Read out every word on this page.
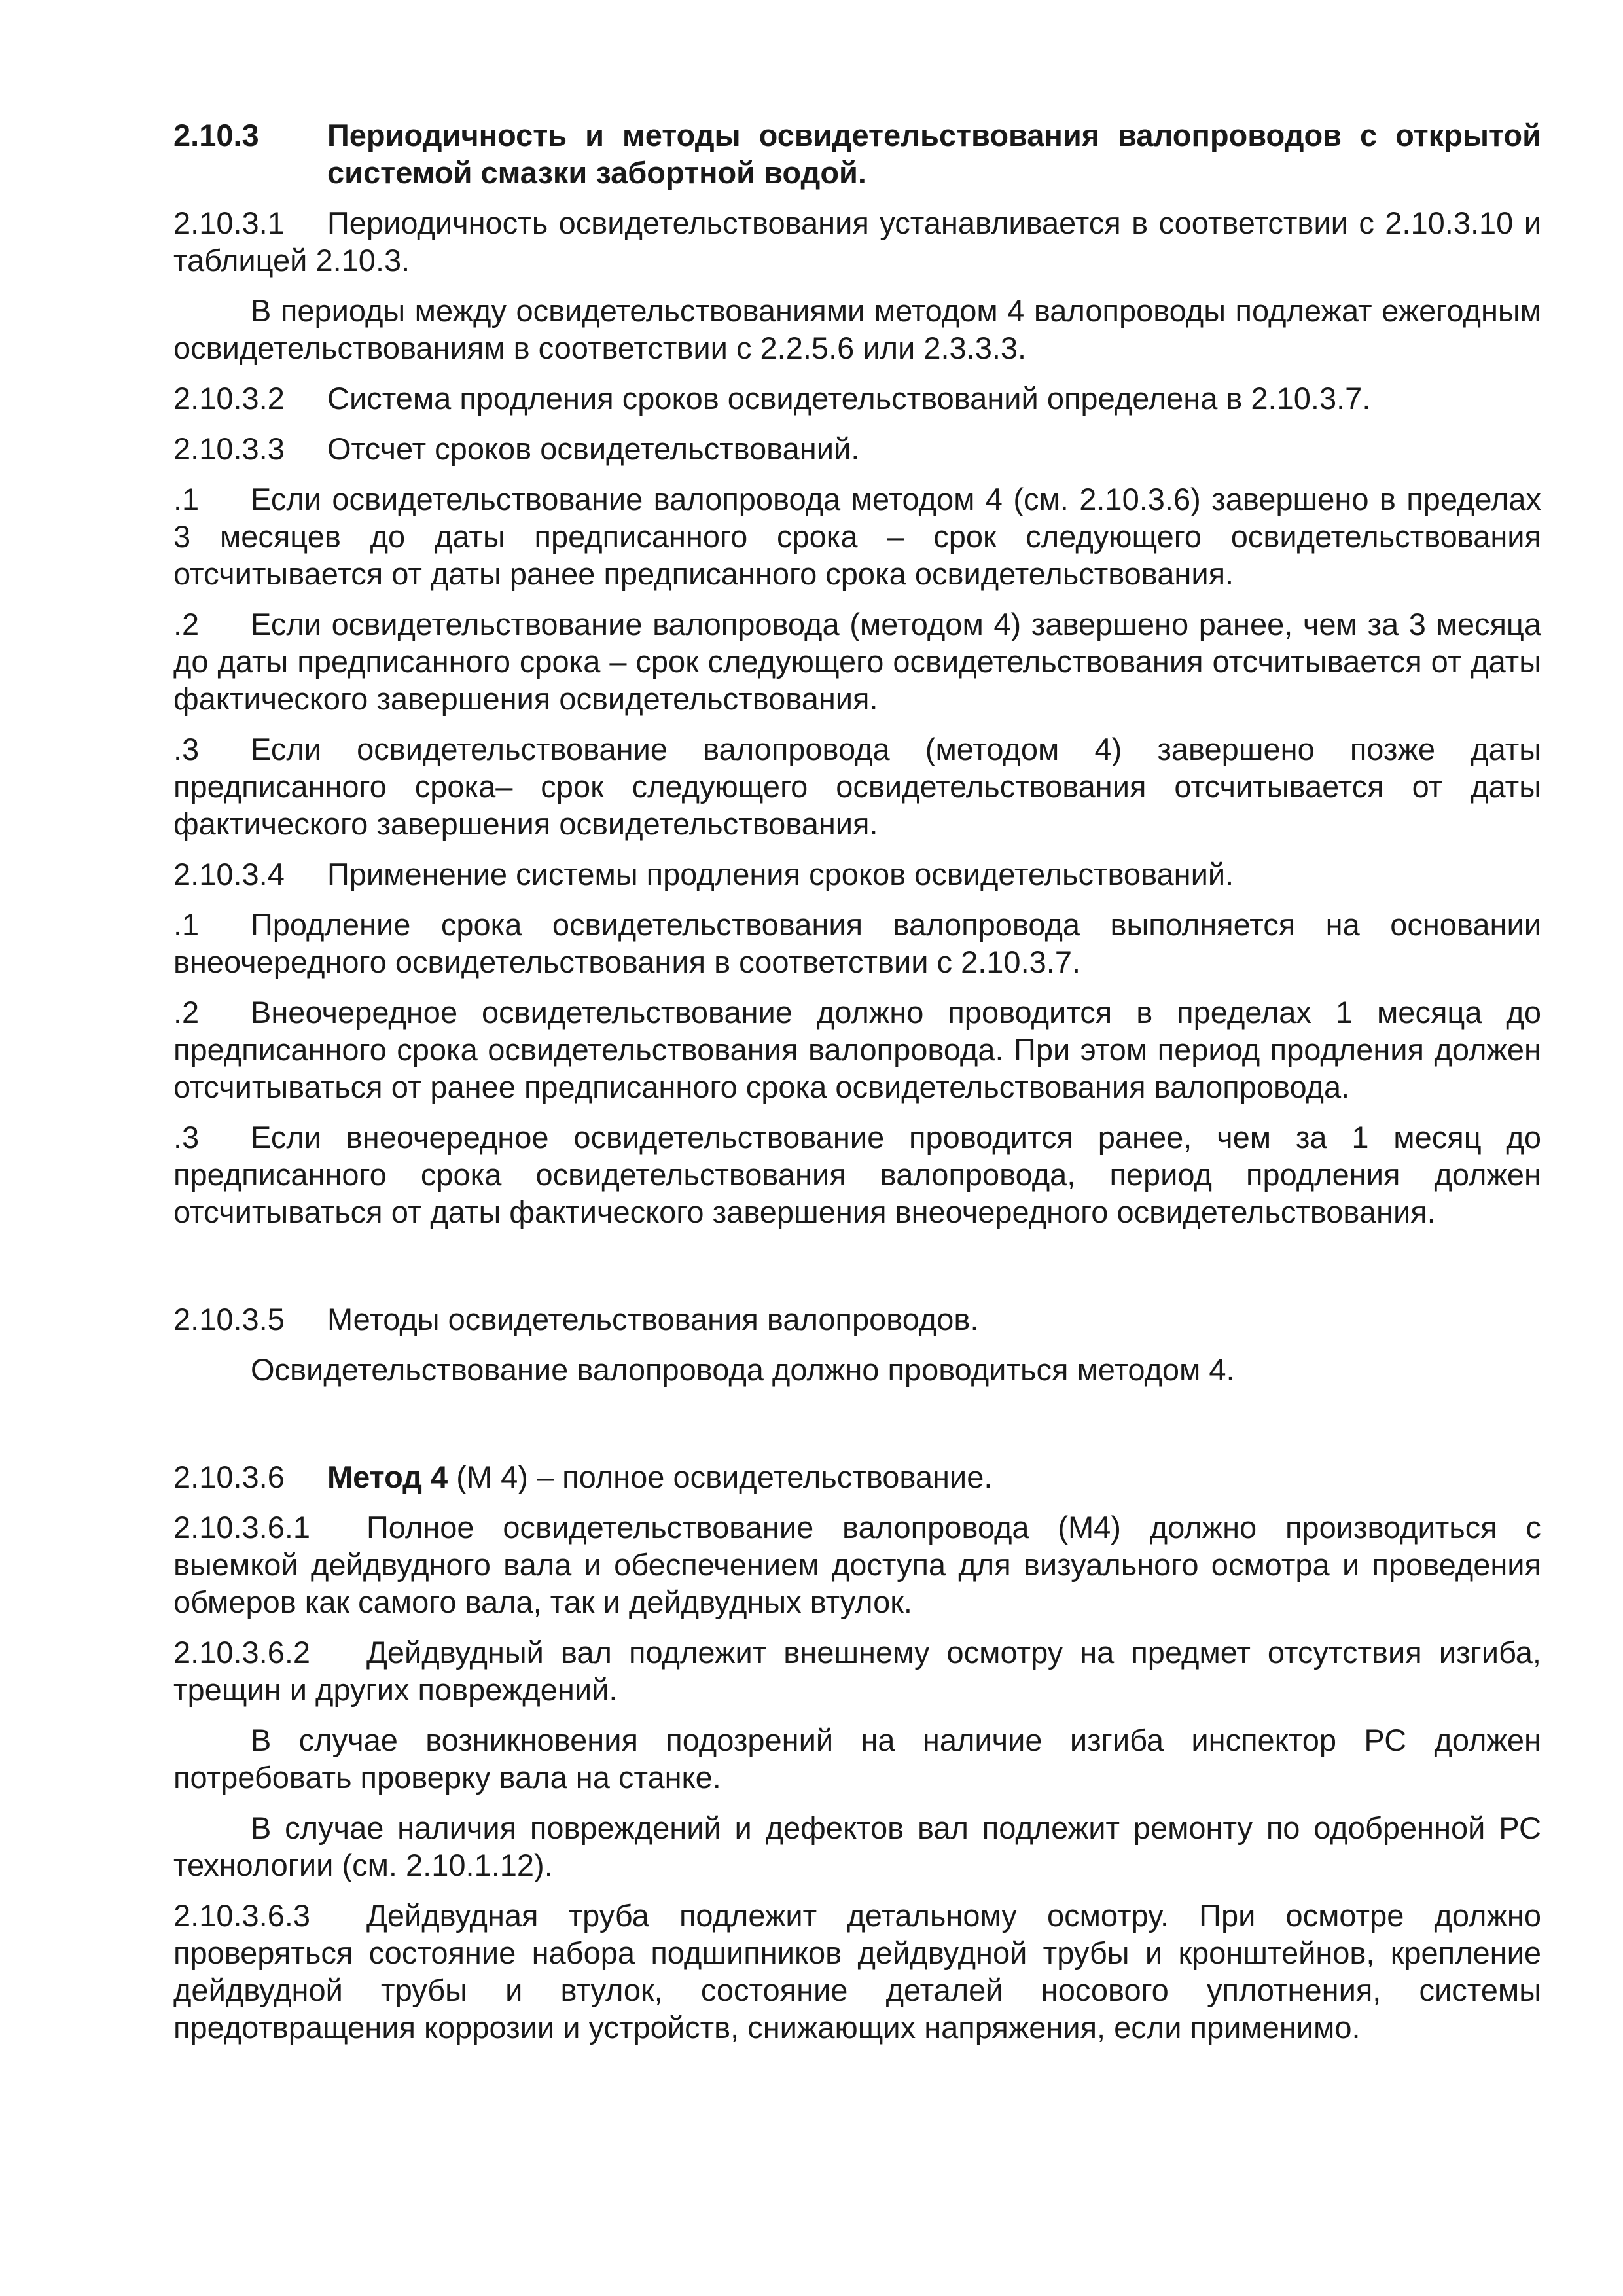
2.10.3	Периодичность и методы освидетельствования валопроводов с открытой системой смазки забортной водой.

2.10.3.1 Периодичность освидетельствования устанавливается в соответствии с 2.10.3.10 и таблицей 2.10.3.

В периоды между освидетельствованиями методом 4 валопроводы подлежат ежегодным освидетельствованиям в соответствии с 2.2.5.6 или 2.3.3.3.

2.10.3.2	Система продления сроков освидетельствований определена в 2.10.3.7.
2.10.3.3	Отсчет сроков освидетельствований.

.1 Если освидетельствование валопровода методом 4 (см. 2.10.3.6) завершено в пределах 3 месяцев до даты предписанного срока – срок следующего освидетельствования отсчитывается от даты ранее предписанного срока освидетельствования.

.2 Если освидетельствование валопровода (методом 4) завершено ранее, чем за 3 месяца до даты предписанного срока – срок следующего освидетельствования отсчитывается от даты фактического завершения освидетельствования.

.3 Если освидетельствование валопровода (методом 4) завершено позже даты предписанного срока– срок следующего освидетельствования отсчитывается от даты фактического завершения освидетельствования.

2.10.3.4	Применение системы продления сроков освидетельствований.

.1 Продление срока освидетельствования валопровода выполняется на основании внеочередного освидетельствования в соответствии с 2.10.3.7.

.2 Внеочередное освидетельствование должно проводится в пределах 1 месяца до предписанного срока освидетельствования валопровода. При этом период продления должен отсчитываться от ранее предписанного срока освидетельствования валопровода.

.3 Если внеочередное освидетельствование проводится ранее, чем за 1 месяц до предписанного срока освидетельствования валопровода, период продления должен отсчитываться от даты фактического завершения внеочередного освидетельствования.

2.10.3.5	Методы освидетельствования валопроводов.

Освидетельствование валопровода должно проводиться методом 4.

2.10.3.6	Метод 4 (М 4) – полное освидетельствование.

2.10.3.6.1 Полное освидетельствование валопровода (М4) должно производиться с выемкой дейдвудного вала и обеспечением доступа для визуального осмотра и проведения обмеров как самого вала, так и дейдвудных втулок.

2.10.3.6.2 Дейдвудный вал подлежит внешнему осмотру на предмет отсутствия изгиба, трещин и других повреждений.

В случае возникновения подозрений на наличие изгиба инспектор РС должен потребовать проверку вала на станке.

В случае наличия повреждений и дефектов вал подлежит ремонту по одобренной РС технологии (см. 2.10.1.12).

2.10.3.6.3 Дейдвудная труба подлежит детальному осмотру. При осмотре должно проверяться состояние набора подшипников дейдвудной трубы и кронштейнов, крепление дейдвудной трубы и втулок, состояние деталей носового уплотнения, системы предотвращения коррозии и устройств, снижающих напряжения, если применимо.
